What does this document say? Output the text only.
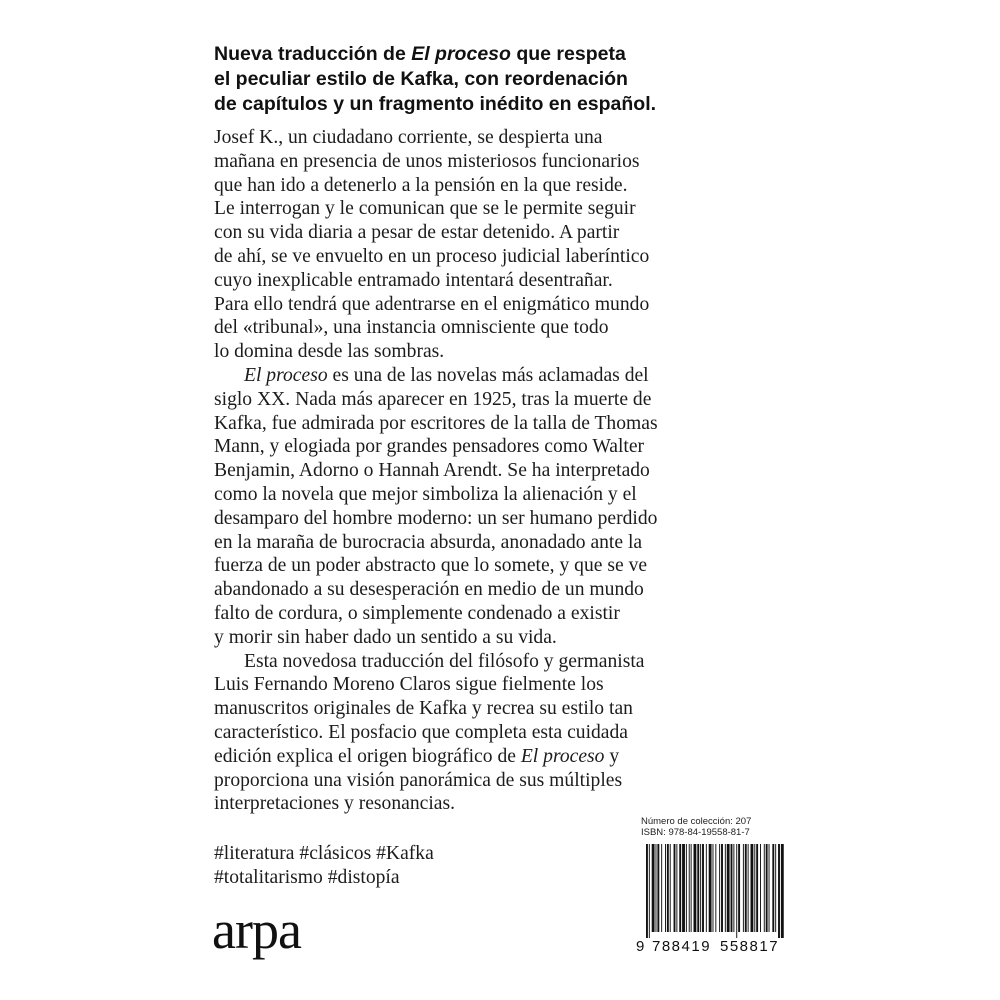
Nueva traducción de El proceso que respeta
el peculiar estilo de Kafka, con reordenación
de capítulos y un fragmento inédito en español.
Josef K., un ciudadano corriente, se despierta una
mañana en presencia de unos misteriosos funcionarios
que han ido a detenerlo a la pensión en la que reside.
Le interrogan y le comunican que se le permite seguir
con su vida diaria a pesar de estar detenido. A partir
de ahí, se ve envuelto en un proceso judicial laberíntico
cuyo inexplicable entramado intentará desentrañar.
Para ello tendrá que adentrarse en el enigmático mundo
del «tribunal», una instancia omnisciente que todo
lo domina desde las sombras.
El proceso es una de las novelas más aclamadas del
siglo XX. Nada más aparecer en 1925, tras la muerte de
Kafka, fue admirada por escritores de la talla de Thomas
Mann, y elogiada por grandes pensadores como Walter
Benjamin, Adorno o Hannah Arendt. Se ha interpretado
como la novela que mejor simboliza la alienación y el
desamparo del hombre moderno: un ser humano perdido
en la maraña de burocracia absurda, anonadado ante la
fuerza de un poder abstracto que lo somete, y que se ve
abandonado a su desesperación en medio de un mundo
falto de cordura, o simplemente condenado a existir
y morir sin haber dado un sentido a su vida.
Esta novedosa traducción del filósofo y germanista
Luis Fernando Moreno Claros sigue fielmente los
manuscritos originales de Kafka y recrea su estilo tan
característico. El posfacio que completa esta cuidada
edición explica el origen biográfico de El proceso y
proporciona una visión panorámica de sus múltiples
interpretaciones y resonancias.
#literatura #clásicos #Kafka
#totalitarismo #distopía
arpa
Número de colección: 207
ISBN: 978-84-19558-81-7
9 788419 558817
